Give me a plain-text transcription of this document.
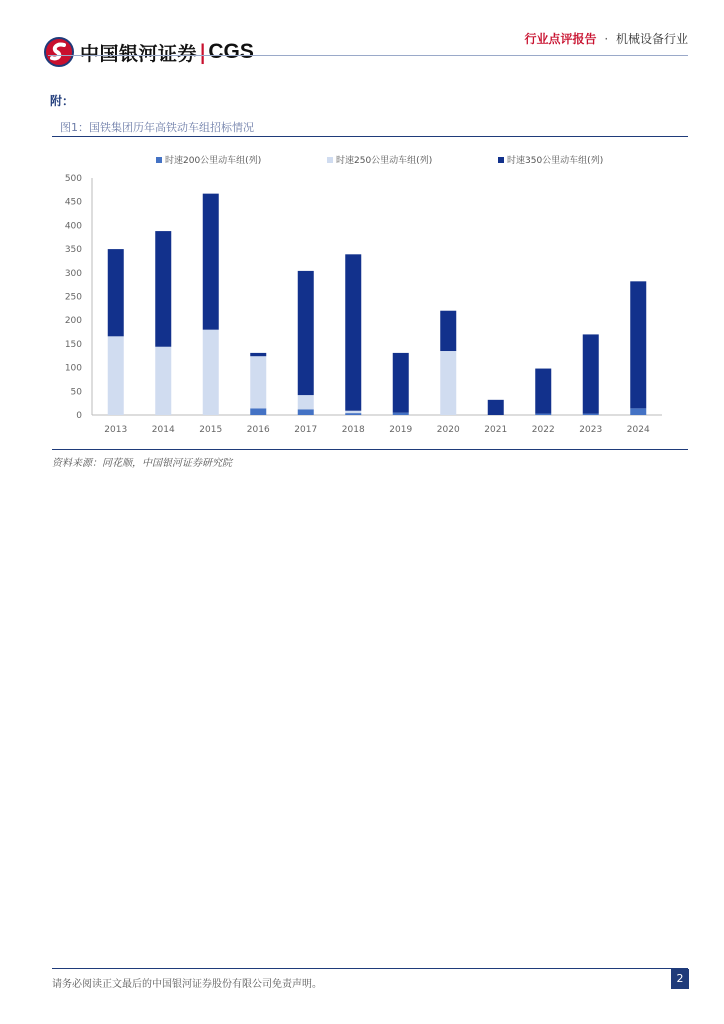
中国银河证券 | CGS
行业点评报告 · 机械设备行业
附：
图1：国铁集团历年高铁动车组招标情况
时速200公里动车组(列)	时速250公里动车组(列)	时速350公里动车组(列)
0
50
100
150
200
250
300
350
400
450
500
2013	2014	2015	2016	2017	2018	2019	2020	2021	2022	2023	2024
资料来源：同花顺，中国银河证券研究院
请务必阅读正文最后的中国银河证券股份有限公司免责声明。	2
